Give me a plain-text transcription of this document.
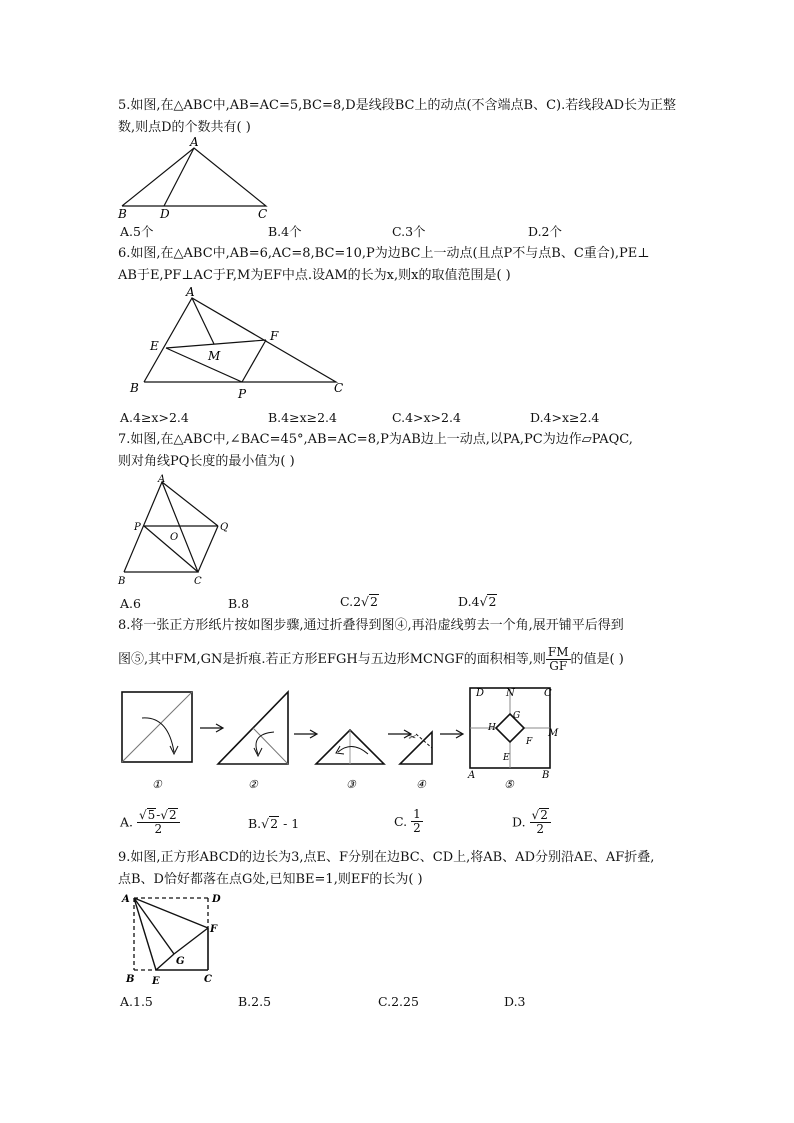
5.如图,在△ABC中,AB=AC=5,BC=8,D是线段BC上的动点(不含端点B、C).若线段AD长为正整
数,则点D的个数共有( )
A
B	D	C
A.5个	B.4个	C.3个	D.2个
6.如图,在△ABC中,AB=6,AC=8,BC=10,P为边BC上一动点(且点P不与点B、C重合),PE⊥
AB于E,PF⊥AC于F,M为EF中点.设AM的长为x,则x的取值范围是( )
A
E
F
M
B	P	C
A.4≥x>2.4	B.4≥x≥2.4	C.4>x>2.4	D.4>x≥2.4
7.如图,在△ABC中,∠BAC=45°,AB=AC=8,P为AB边上一动点,以PA,PC为边作▱PAQC,
则对角线PQ长度的最小值为( )
A
P	Q
O
B	C
A.6	B.8	C.2√2	D.4√2
8.将一张正方形纸片按如图步骤,通过折叠得到图④,再沿虚线剪去一个角,展开铺平后得到
图⑤,其中FM,GN是折痕.若正方形EFGH与五边形MCNGF的面积相等,则 $\frac{FM}{GF}$ 的值是( )
✂
D N	C
G
H	M
F
E
A	B
①	②	③	④	⑤
A. $\frac{√5-√2}{2}$	B.√2 - 1	C. $\frac{1}{2}$	D. $\frac{√2}{2}$
9.如图,正方形ABCD的边长为3,点E、F分别在边BC、CD上,将AB、AD分别沿AE、AF折叠,
点B、D恰好都落在点G处,已知BE=1,则EF的长为( )
A	D
F
G
B E	C
A.1.5	B.2.5	C.2.25	D.3
